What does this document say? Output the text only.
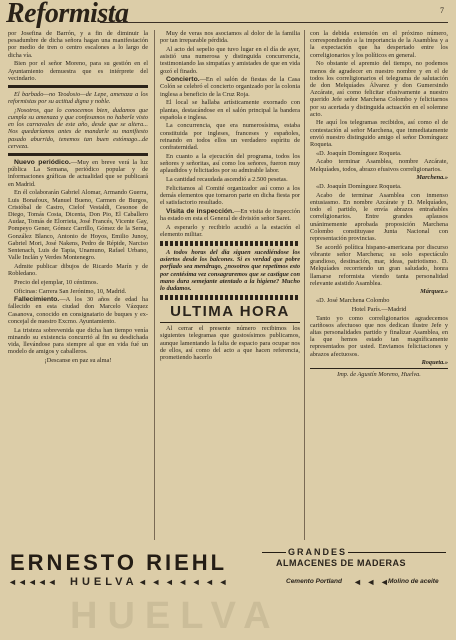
Reformista	7

por Josefina de Barrón, y a fin de diminuir la pesadumbre de dicha señora hagan una manifestación por medio de tren o centro escalones a lo largo de dicha vía.

Bien por el señor Moreno, para su gestión en el Ayuntamiento demuestra que es intérprete del vecindario.

El barbado—no Teodosio—de Lepe, amenaza a los reformistas por su actitud digna y noble.

¡Nosotros, que lo conocemos bien, dudamos que cumpla su amenaza y que confesamos no haberle visto en los carnavales de este año, desde que se altera... Nos quedaríamos antes de mandarle su manifiesto pasado aburrido, tenemos tan buen estómago...de cerveza.

Nuevo periódico.—Muy en breve verá la luz pública La Semana, periódico popular y de informaciones gráficas de actualidad que se publicará en Madrid.

En él colaborarán Gabriel Alomar, Armando Guerra, Luis Bonafoux, Manuel Bueno, Carmen de Burgos, Cristóbal de Castro, Cielof Vestaldi, Cesonoe de Diego, Tomás Costa, Dicenta, Don Pio, El Caballero Audaz, Tomás de Elorrieta, José Francés, Vicente Gay, Pompeyo Gener, Gómez Carrillo, Gómez de la Serna, González Blanco, Antonio de Hoyos, Emilio Junoy, Gabriel Mori, José Nakens, Pedro de Répide, Narciso Sentenach, Luis de Tapia, Unamuno, Rafael Urbano, Valle Inclán y Verdes Montenegro.

Admite publicar dibujos de Ricardo Marín y de Robledano.

Precio del ejemplar, 10 céntimos.

Oficinas: Carrera San Jerónimo, 10, Madrid.

Fallecimiento.—A los 30 años de edad ha fallecido en esta ciudad don Marcelo Vázquez Casanova, conocido en consignatario de buques y ex-concejal de nuestro Excmo. Ayuntamiento.

La tristeza sobrevenida que dicha han tiempo venía minando su existencia concurrió al fin su desdichada vida, llevándose para siempre al que en vida fué un modelo de amigos y caballeros.

¡Descanse en paz su alma!

Muy de veras nos asociamos al dolor de la familia por tan irreparable pérdida.

Al acto del sepelio que tuvo lugar en el día de ayer, asistió una numerosa y distinguida concurrencia, testimoniando las simpatías y amistades de que en vida gozó el finado.

Concierto.—En el salón de fiestas de la Casa Colón se celebró el concierto organizado por la colonia inglesa a beneficio de la Cruz Roja.

El local se hallaba artísticamente exornado con plantas, destacándose en el salón principal la bandera española e inglesa.

La concurrencia, que era numerosísima, estaba constituida por ingleses, franceses y españoles, reinando en todos ellos un verdadero espíritu de confraternidad.

En cuanto a la ejecución del programa, todos los señores y señoritas, así como los señores, fueron muy aplaudidos y felicitados por su admirable labor.

La cantidad recaudada ascendió a 2.500 pesetas.

Felicitamos al Comité organizador así como a los demás elementos que tomaron parte en dicha fiesta por el satisfactorio resultado.

Visita de inspección.—En visita de inspección ha estado en esta el General de división señor Saret.

A esperarlo y recibirlo acudió a la estación el elemento militar.

A todos horas del dia siguen sucediéndose los asiertos desde los balcones. Si es verdad que pobre porfiado sea mendrugo, ¿nosotros que repetimos esto por centésima vez consagraremos que se castigue con mano dura semejante atentado a la higiene? Mucho lo dudamos.

ULTIMA HORA

Al cerrar el presente número recibimos los siguientes telegramas que gustosísimos publicamos, aunque lamentando la falta de espacio para ocupar nos de ellos, así como del acto a que hacen referencia, prometiendo hacerlo

con la debida extensión en el próximo número, correspondiendo a la importancia de la Asamblea y a la expectación que ha despertado entre los correligionarios y los políticos en general.

No obstante el apremio del tiempo, no podemos menos de agradecer en nuestro nombre y en el de todos los correligionarios el telegrama de salutación de don Melquíades Álvarez y don Gumersindo Azcárate, así como felicitar efusivamente a nuestro querido Jefe señor Marchena Colombo y felicitarnos por su acertada y distinguida actuación en el solemne acto.

He aquí los telegramas recibidos, así como el de contestación al señor Marchena, que inmediatamente envió nuestro distinguido amigo el señor Domínguez Roqueta.

«D. Joaquín Domínguez Roqueta.

Acabo terminar Asamblea, nombre Azcárate, Melquíades, todos, abrazo efusivos correligionarios.

Marchena.»

«D. Joaquín Domínguez Roqueta.

Acabo de terminar Asamblea con inmenso entusiasmo. En nombre Azcárate y D. Melquíades, todo el partido, le envía abrazos entrañables correligionarios. Entre grandes aplausos unánimemente aprobada proposición Marchena Colombo constituyase Junta Nacional con representación provincias.

Se acordó política hispano-americana por discurso vibrante señor Marchena; su solo espectáculo grandioso, destinación, mar, ideas, patriotismo. D. Melquíades recorriendo un gran saludado, honra llamarse reformista viendo tanta personalidad relevante asistido Asamblea.

Márquez.»

«D. José Marchena Colombo

Hotel París.—Madrid

Tanto yo como correligionarios agradecemos cariñosos afectuoso que nos dedican ilustre Jefe y altas personalidades partido y finalizar Asamblea, en la que hemos estado tan magníficamente representados por usted. Enviamos felicitaciones y abrazos afectuosos.

Roqueta.»

Imp. de Agustín Moreno, Huelva.

HUELVA
ERNESTO RIEHL	GRANDES
ALMACENES DE MADERAS
◄◄◄◄◄ HUELVA ◄ ◄ ◄ ◄ ◄ ◄ ◄	Cemento Portland ◄ ◄ ◄
Molino de aceite
